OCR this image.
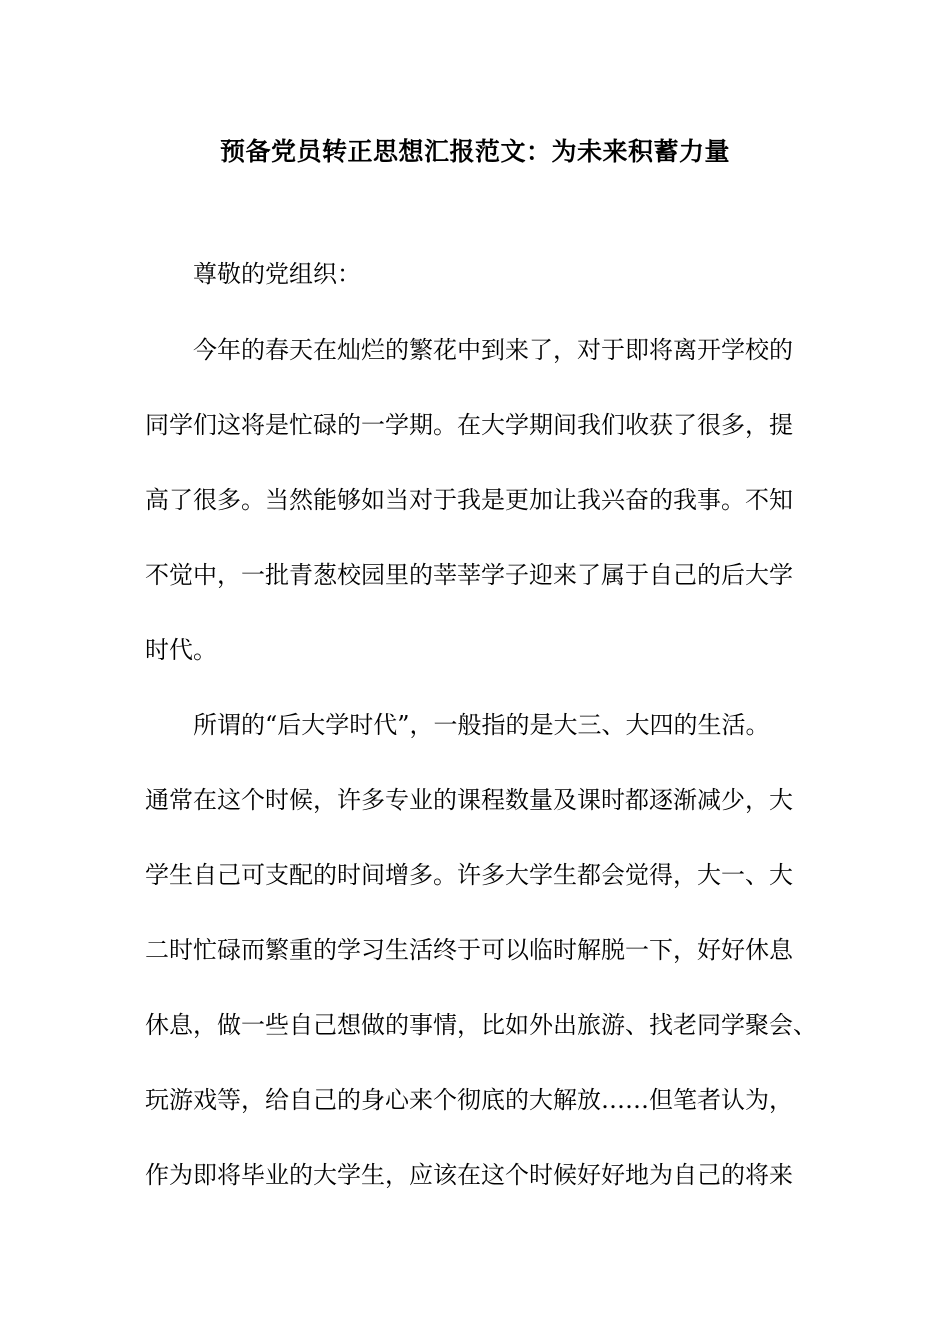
预备党员转正思想汇报范文：为未来积蓄力量
尊敬的党组织：
今年的春天在灿烂的繁花中到来了，对于即将离开学校的
同学们这将是忙碌的一学期。在大学期间我们收获了很多，提
高了很多。当然能够如当对于我是更加让我兴奋的我事。不知
不觉中，一批青葱校园里的莘莘学子迎来了属于自己的后大学
时代。
所谓的“后大学时代”，一般指的是大三、大四的生活。
通常在这个时候，许多专业的课程数量及课时都逐渐减少，大
学生自己可支配的时间增多。许多大学生都会觉得，大一、大
二时忙碌而繁重的学习生活终于可以临时解脱一下，好好休息
休息，做一些自己想做的事情，比如外出旅游、找老同学聚会、
玩游戏等，给自己的身心来个彻底的大解放……但笔者认为，
作为即将毕业的大学生，应该在这个时候好好地为自己的将来
